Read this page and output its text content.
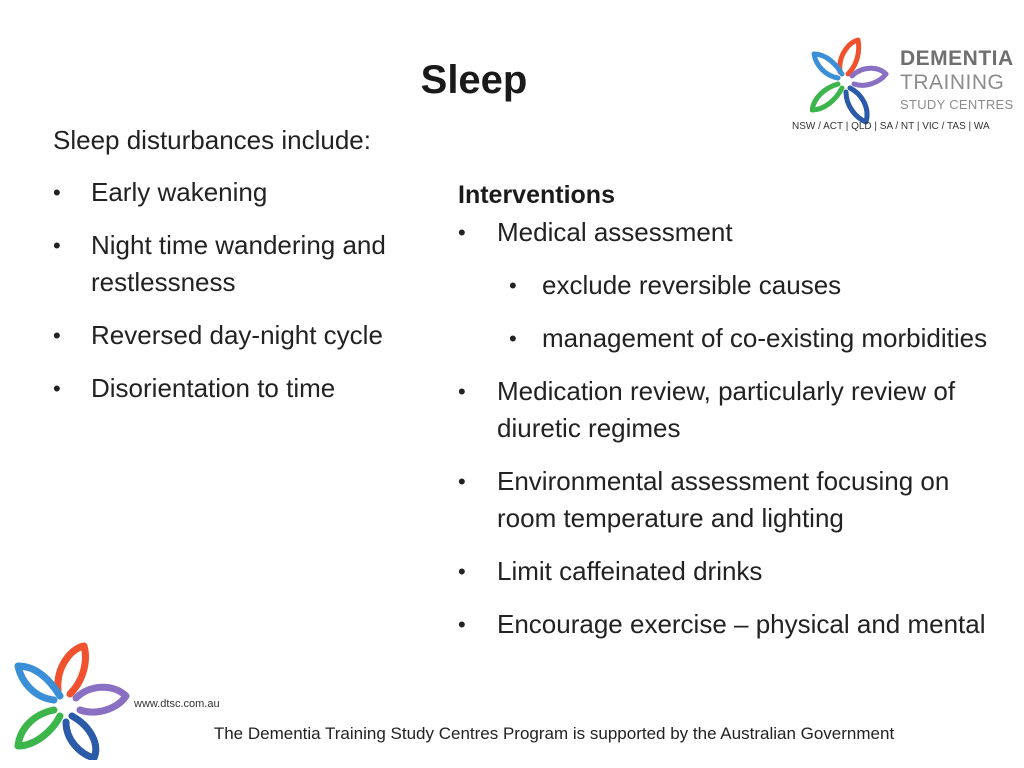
Sleep	DEMENTIA
TRAINING
STUDY CENTRES
NSW / ACT | QLD | SA / NT | VIC / TAS | WA

Sleep disturbances include:

• Early wakening
• Night time wandering and restlessness
• Reversed day-night cycle
• Disorientation to time

Interventions

• Medical assessment
• exclude reversible causes
• management of co-existing morbidities
• Medication review, particularly review of diuretic regimes
• Environmental assessment focusing on room temperature and lighting
• Limit caffeinated drinks
• Encourage exercise – physical and mental
www.dtsc.com.au
The Dementia Training Study Centres Program is supported by the Australian Government
